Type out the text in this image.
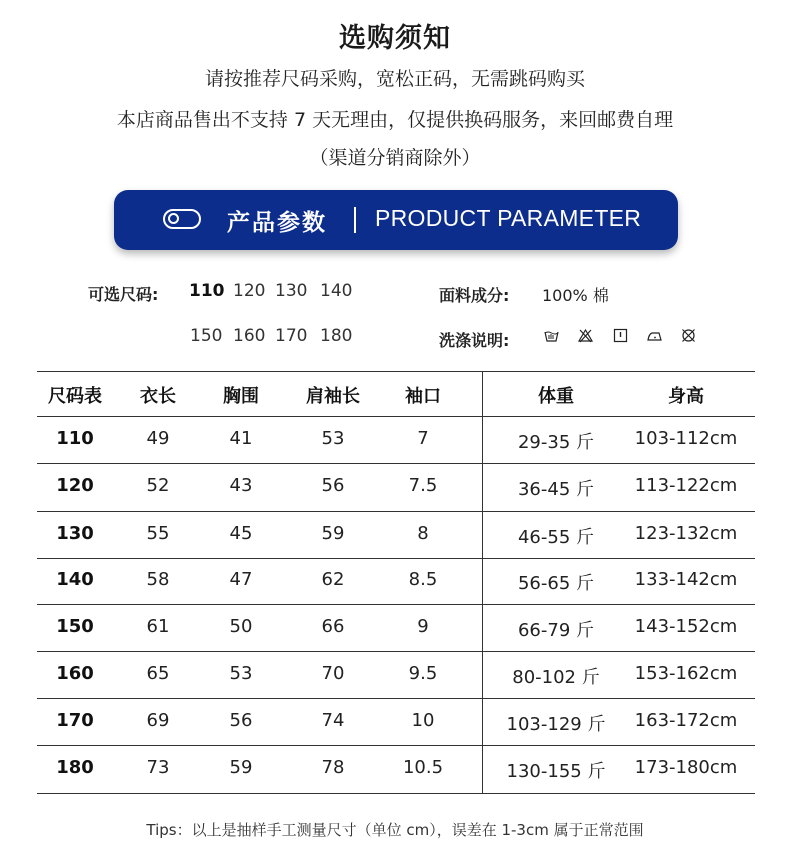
选购须知
请按推荐尺码采购，宽松正码，无需跳码购买
本店商品售出不支持 7 天无理由，仅提供换码服务，来回邮费自理
（渠道分销商除外）
产品参数 PRODUCT PARAMETER
可选尺码: 110 120 130 140
150 160 170 180
面料成分: 100% 棉
洗涤说明:
尺码表	衣长	胸围	肩袖长	袖口	体重	身高
110	49	41	53	7	29-35 斤	103-112cm
120	52	43	56	7.5	36-45 斤	113-122cm
130	55	45	59	8	46-55 斤	123-132cm
140	58	47	62	8.5	56-65 斤	133-142cm
150	61	50	66	9	66-79 斤	143-152cm
160	65	53	70	9.5	80-102 斤	153-162cm
170	69	56	74	10	103-129 斤	163-172cm
180	73	59	78	10.5	130-155 斤	173-180cm
Tips：以上是抽样手工测量尺寸（单位 cm），误差在 1-3cm 属于正常范围
